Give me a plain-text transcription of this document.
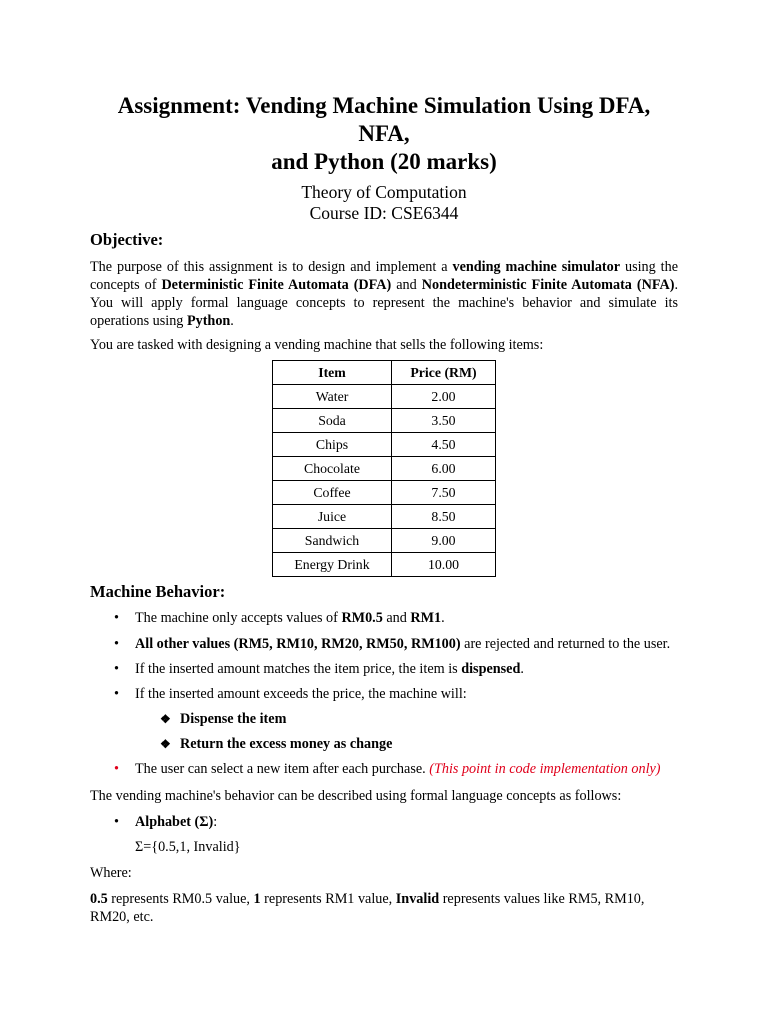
Assignment: Vending Machine Simulation Using DFA, NFA,
and Python (20 marks)
Theory of Computation
Course ID: CSE6344
Objective:

The purpose of this assignment is to design and implement a vending machine simulator using the concepts of Deterministic Finite Automata (DFA) and Nondeterministic Finite Automata (NFA). You will apply formal language concepts to represent the machine's behavior and simulate its operations using Python.

You are tasked with designing a vending machine that sells the following items:

Item	Price (RM)
Water	2.00
Soda	3.50
Chips	4.50
Chocolate	6.00
Coffee	7.50
Juice	8.50
Sandwich	9.00
Energy Drink	10.00
Machine Behavior:
• The machine only accepts values of RM0.5 and RM1.
• All other values (RM5, RM10, RM20, RM50, RM100) are rejected and returned to the user.
• If the inserted amount matches the item price, the item is dispensed.
• If the inserted amount exceeds the price, the machine will:
❖ Dispense the item
❖ Return the excess money as change
• The user can select a new item after each purchase. (This point in code implementation only)

The vending machine's behavior can be described using formal language concepts as follows:

• Alphabet (Σ):

Σ={0.5,1, Invalid}

Where:

0.5 represents RM0.5 value, 1 represents RM1 value, Invalid represents values like RM5, RM10, RM20, etc.
